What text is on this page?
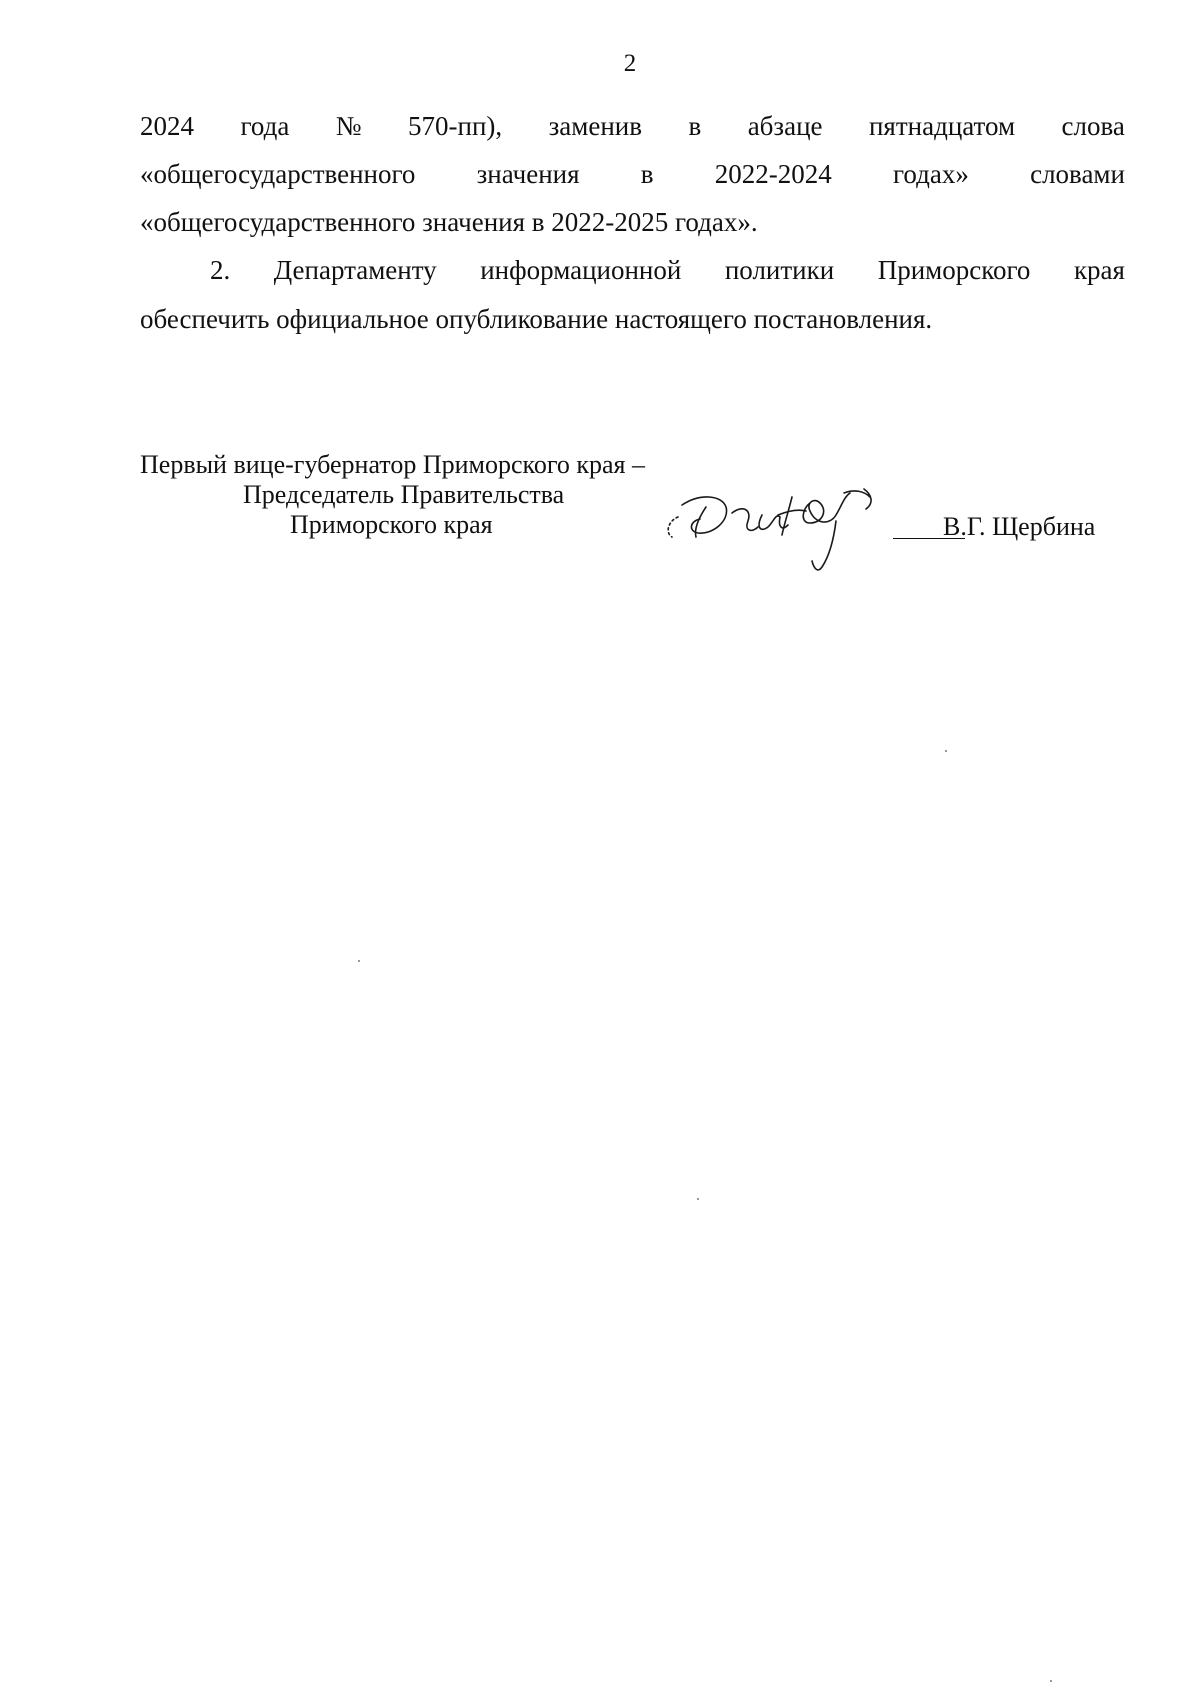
2
2024 года № 570-пп), заменив в абзаце пятнадцатом слова
«общегосударственного значения в 2022-2024 годах» словами
«общегосударственного значения в 2022-2025 годах».
2. Департаменту информационной политики Приморского края
обеспечить официальное опубликование настоящего постановления.
Первый вице-губернатор Приморского края –
Председатель Правительства
Приморского края	В.Г. Щербина
